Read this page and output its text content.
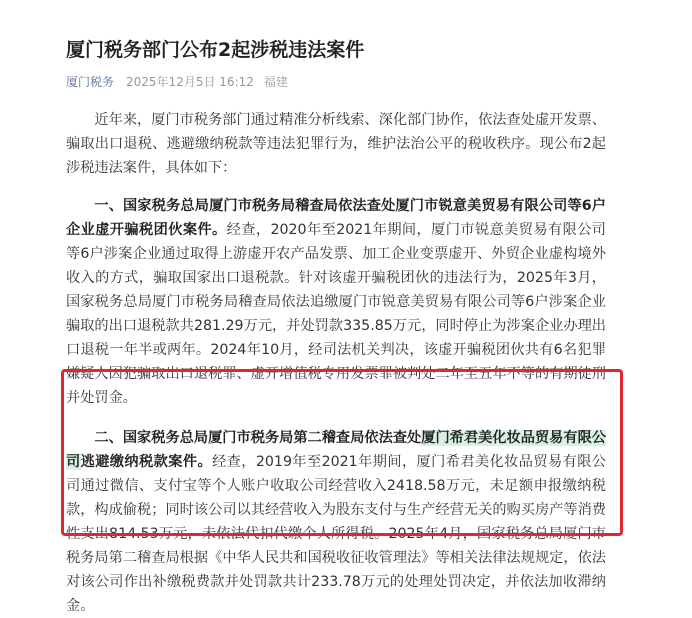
厦门税务部门公布2起涉税违法案件
厦门税务 2025年12月5日 16:12 福建

近年来，厦门市税务部门通过精准分析线索、深化部门协作，依法查处虚开发票、骗取出口退税、逃避缴纳税款等违法犯罪行为，维护法治公平的税收秩序。现公布2起涉税违法案件，具体如下：

一、国家税务总局厦门市税务局稽查局依法查处厦门市锐意美贸易有限公司等6户企业虚开骗税团伙案件。经查，2020年至2021年期间，厦门市锐意美贸易有限公司等6户涉案企业通过取得上游虚开农产品发票、加工企业变票虚开、外贸企业虚构境外收入的方式，骗取国家出口退税款。针对该虚开骗税团伙的违法行为，2025年3月，国家税务总局厦门市税务局稽查局依法追缴厦门市锐意美贸易有限公司等6户涉案企业骗取的出口退税款共281.29万元，并处罚款335.85万元，同时停止为涉案企业办理出口退税一年半或两年。2024年10月，经司法机关判决，该虚开骗税团伙共有6名犯罪嫌疑人因犯骗取出口退税罪、虚开增值税专用发票罪被判处二年至五年不等的有期徒刑并处罚金。

二、国家税务总局厦门市税务局第二稽查局依法查处厦门希君美化妆品贸易有限公司逃避缴纳税款案件。经查，2019年至2021年期间，厦门希君美化妆品贸易有限公司通过微信、支付宝等个人账户收取公司经营收入2418.58万元，未足额申报缴纳税款，构成偷税；同时该公司以其经营收入为股东支付与生产经营无关的购买房产等消费性支出814.53万元，未依法代扣代缴个人所得税。2025年4月，国家税务总局厦门市税务局第二稽查局根据《中华人民共和国税收征收管理法》等相关法律法规规定，依法对该公司作出补缴税费款并处罚款共计233.78万元的处理处罚决定，并依法加收滞纳金。
